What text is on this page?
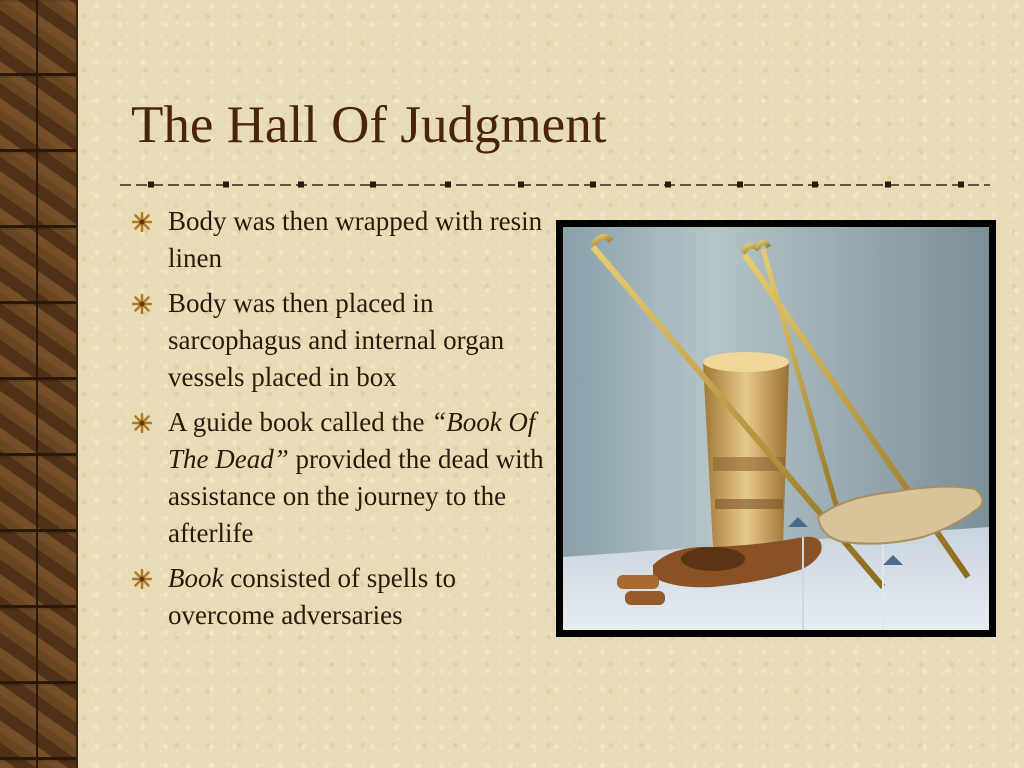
The Hall Of Judgment
Body was then wrapped with resin linen
Body was then placed in sarcophagus and internal organ vessels placed in box
A guide book called the “Book Of The Dead” provided the dead with assistance on the journey to the afterlife
Book consisted of spells to overcome adversaries
